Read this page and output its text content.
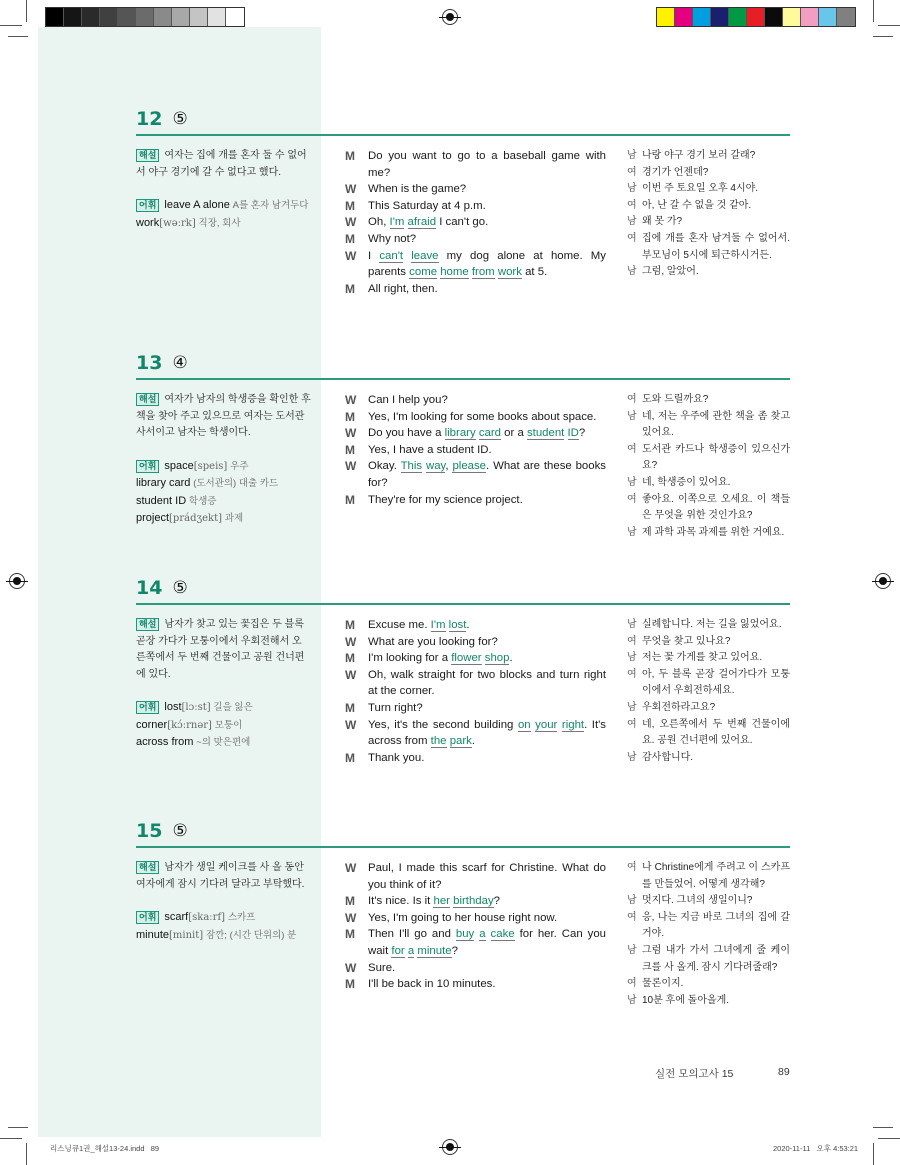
12 ⑤
해설 여자는 집에 개를 혼자 둘 수 없어서 야구 경기에 갈 수 없다고 했다.
어휘 leave A alone A를 혼자 남겨두다
work[wəːrk] 직장, 회사
M	Do you want to go to a baseball game with me?
W	When is the game?
M	This Saturday at 4 p.m.
W	Oh, I'm afraid I can't go.
M	Why not?
W	I can't leave my dog alone at home. My parents come home from work at 5.
M	All right, then.
남 나랑 야구 경기 보러 갈래?
여 경기가 언젠데?
남 이번 주 토요일 오후 4시야.
여 아, 난 갈 수 없을 것 같아.
남 왜 못 가?
여 집에 개를 혼자 남겨둘 수 없어서. 부모님이 5시에 퇴근하시거든.
남 그럼, 알았어.
13 ④
해설 여자가 남자의 학생증을 확인한 후 책을 찾아 주고 있으므로 여자는 도서관 사서이고 남자는 학생이다.
어휘 space[speis] 우주
library card (도서관의) 대출 카드
student ID 학생증
project[prádʒekt] 과제
W	Can I help you?
M	Yes, I'm looking for some books about space.
W	Do you have a library card or a student ID?
M	Yes, I have a student ID.
W	Okay. This way, please. What are these books for?
M	They're for my science project.
여 도와 드릴까요?
남 네, 저는 우주에 관한 책을 좀 찾고 있어요.
여 도서관 카드나 학생증이 있으신가요?
남 네, 학생증이 있어요.
여 좋아요. 이쪽으로 오세요. 이 책들은 무엇을 위한 것인가요?
남 제 과학 과목 과제를 위한 거예요.
14 ⑤
해설 남자가 찾고 있는 꽃집은 두 블록 곧장 가다가 모퉁이에서 우회전해서 오른쪽에서 두 번째 건물이고 공원 건너편에 있다.
어휘 lost[lɔːst] 길을 잃은
corner[kɔ́ːrnər] 모퉁이
across from ~의 맞은편에
M	Excuse me. I'm lost.
W	What are you looking for?
M	I'm looking for a flower shop.
W	Oh, walk straight for two blocks and turn right at the corner.
M	Turn right?
W	Yes, it's the second building on your right. It's across from the park.
M	Thank you.
남 실례합니다. 저는 길을 잃었어요.
여 무엇을 찾고 있나요?
남 저는 꽃 가게를 찾고 있어요.
여 아, 두 블록 곧장 걸어가다가 모퉁이에서 우회전하세요.
남 우회전하라고요?
여 네, 오른쪽에서 두 번째 건물이에요. 공원 건너편에 있어요.
남 감사합니다.
15 ⑤
해설 남자가 생일 케이크를 사 올 동안 여자에게 잠시 기다려 달라고 부탁했다.
어휘 scarf[skaːrf] 스카프
minute[minit] 잠깐; (시간 단위의) 분
W	Paul, I made this scarf for Christine. What do you think of it?
M	It's nice. Is it her birthday?
W	Yes, I'm going to her house right now.
M	Then I'll go and buy a cake for her. Can you wait for a minute?
W	Sure.
M	I'll be back in 10 minutes.
여 나 Christine에게 주려고 이 스카프를 만들었어. 어떻게 생각해?
남 멋지다. 그녀의 생일이니?
여 응, 나는 지금 바로 그녀의 집에 갈 거야.
남 그럼 내가 가서 그녀에게 줄 케이크를 사 올게. 잠시 기다려줄래?
여 물론이지.
남 10분 후에 돌아올게.
실전 모의고사 15	89
리스닝큐1권_해설13-24.indd   89	2020-11-11   오후 4:53:21
